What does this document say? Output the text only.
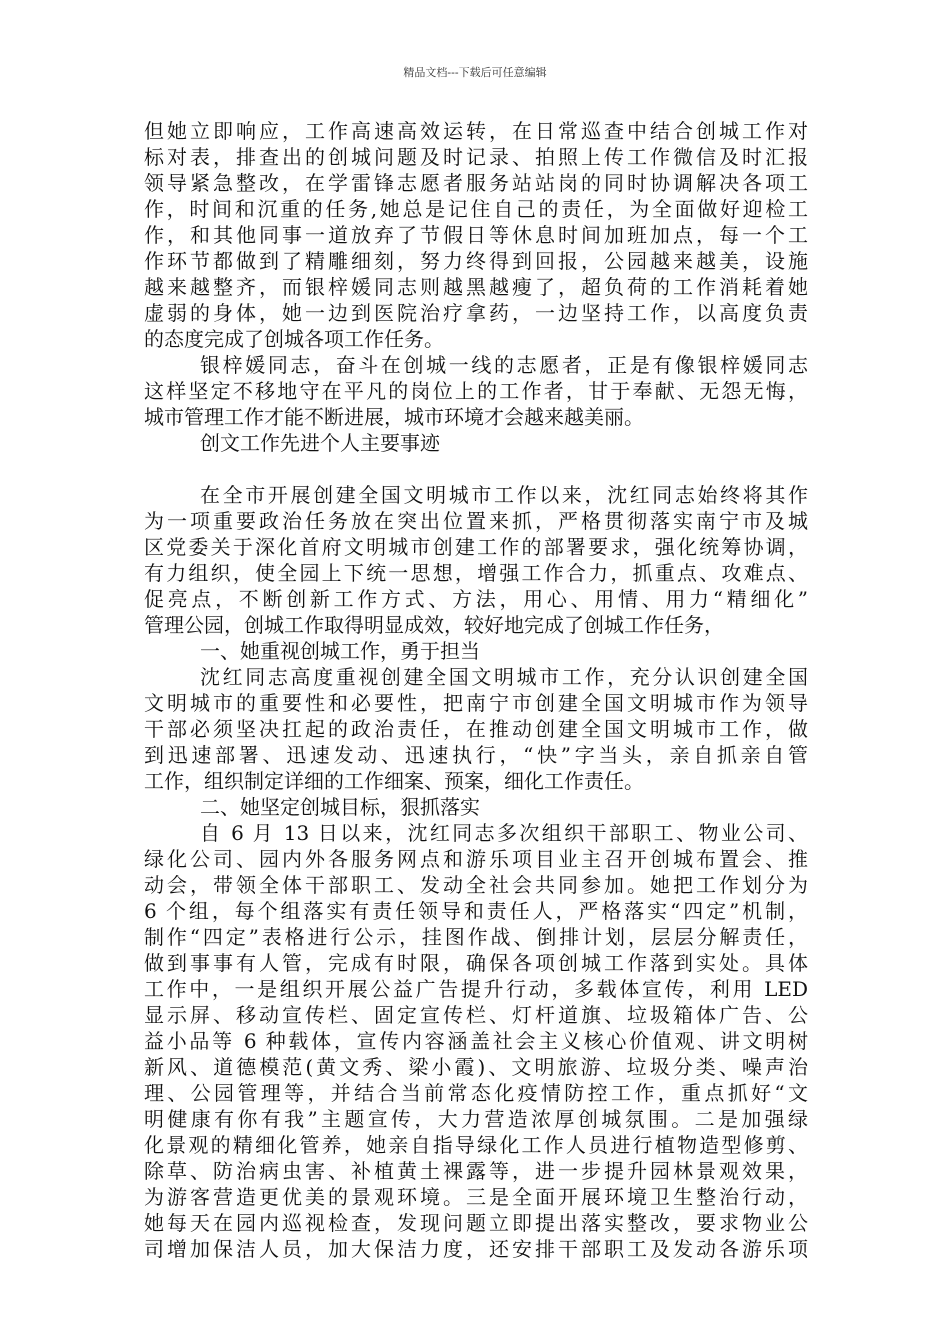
精品文档---下载后可任意编辑
但她立即响应，工作高速高效运转，在日常巡查中结合创城工作对
标对表，排查出的创城问题及时记录、拍照上传工作微信及时汇报
领导紧急整改，在学雷锋志愿者服务站站岗的同时协调解决各项工
作，时间和沉重的任务,她总是记住自己的责任，为全面做好迎检工
作，和其他同事一道放弃了节假日等休息时间加班加点，每一个工
作环节都做到了精雕细刻，努力终得到回报，公园越来越美，设施
越来越整齐，而银梓媛同志则越黑越瘦了，超负荷的工作消耗着她
虚弱的身体，她一边到医院治疗拿药，一边坚持工作，以高度负责
的态度完成了创城各项工作任务。
银梓媛同志，奋斗在创城一线的志愿者，正是有像银梓媛同志
这样坚定不移地守在平凡的岗位上的工作者，甘于奉献、无怨无悔，
城市管理工作才能不断进展，城市环境才会越来越美丽。
创文工作先进个人主要事迹
在全市开展创建全国文明城市工作以来，沈红同志始终将其作
为一项重要政治任务放在突出位置来抓，严格贯彻落实南宁市及城
区党委关于深化首府文明城市创建工作的部署要求，强化统筹协调，
有力组织，使全园上下统一思想，增强工作合力，抓重点、攻难点、
促亮点，不断创新工作方式、方法，用心、用情、用力“精细化”
管理公园，创城工作取得明显成效，较好地完成了创城工作任务，
一、她重视创城工作，勇于担当
沈红同志高度重视创建全国文明城市工作，充分认识创建全国
文明城市的重要性和必要性，把南宁市创建全国文明城市作为领导
干部必须坚决扛起的政治责任，在推动创建全国文明城市工作，做
到迅速部署、迅速发动、迅速执行，“快”字当头，亲自抓亲自管
工作，组织制定详细的工作细案、预案，细化工作责任。
二、她坚定创城目标，狠抓落实
自 6 月 13 日以来，沈红同志多次组织干部职工、物业公司、
绿化公司、园内外各服务网点和游乐项目业主召开创城布置会、推
动会，带领全体干部职工、发动全社会共同参加。她把工作划分为
6 个组，每个组落实有责任领导和责任人，严格落实“四定”机制，
制作“四定”表格进行公示，挂图作战、倒排计划，层层分解责任，
做到事事有人管，完成有时限，确保各项创城工作落到实处。具体
工作中，一是组织开展公益广告提升行动，多载体宣传，利用 LED
显示屏、移动宣传栏、固定宣传栏、灯杆道旗、垃圾箱体广告、公
益小品等 6 种载体，宣传内容涵盖社会主义核心价值观、讲文明树
新风、道德模范(黄文秀、梁小霞)、文明旅游、垃圾分类、噪声治
理、公园管理等，并结合当前常态化疫情防控工作，重点抓好“文
明健康有你有我”主题宣传，大力营造浓厚创城氛围。二是加强绿
化景观的精细化管养，她亲自指导绿化工作人员进行植物造型修剪、
除草、防治病虫害、补植黄土裸露等，进一步提升园林景观效果，
为游客营造更优美的景观环境。三是全面开展环境卫生整治行动，
她每天在园内巡视检查，发现问题立即提出落实整改，要求物业公
司增加保洁人员，加大保洁力度，还安排干部职工及发动各游乐项
